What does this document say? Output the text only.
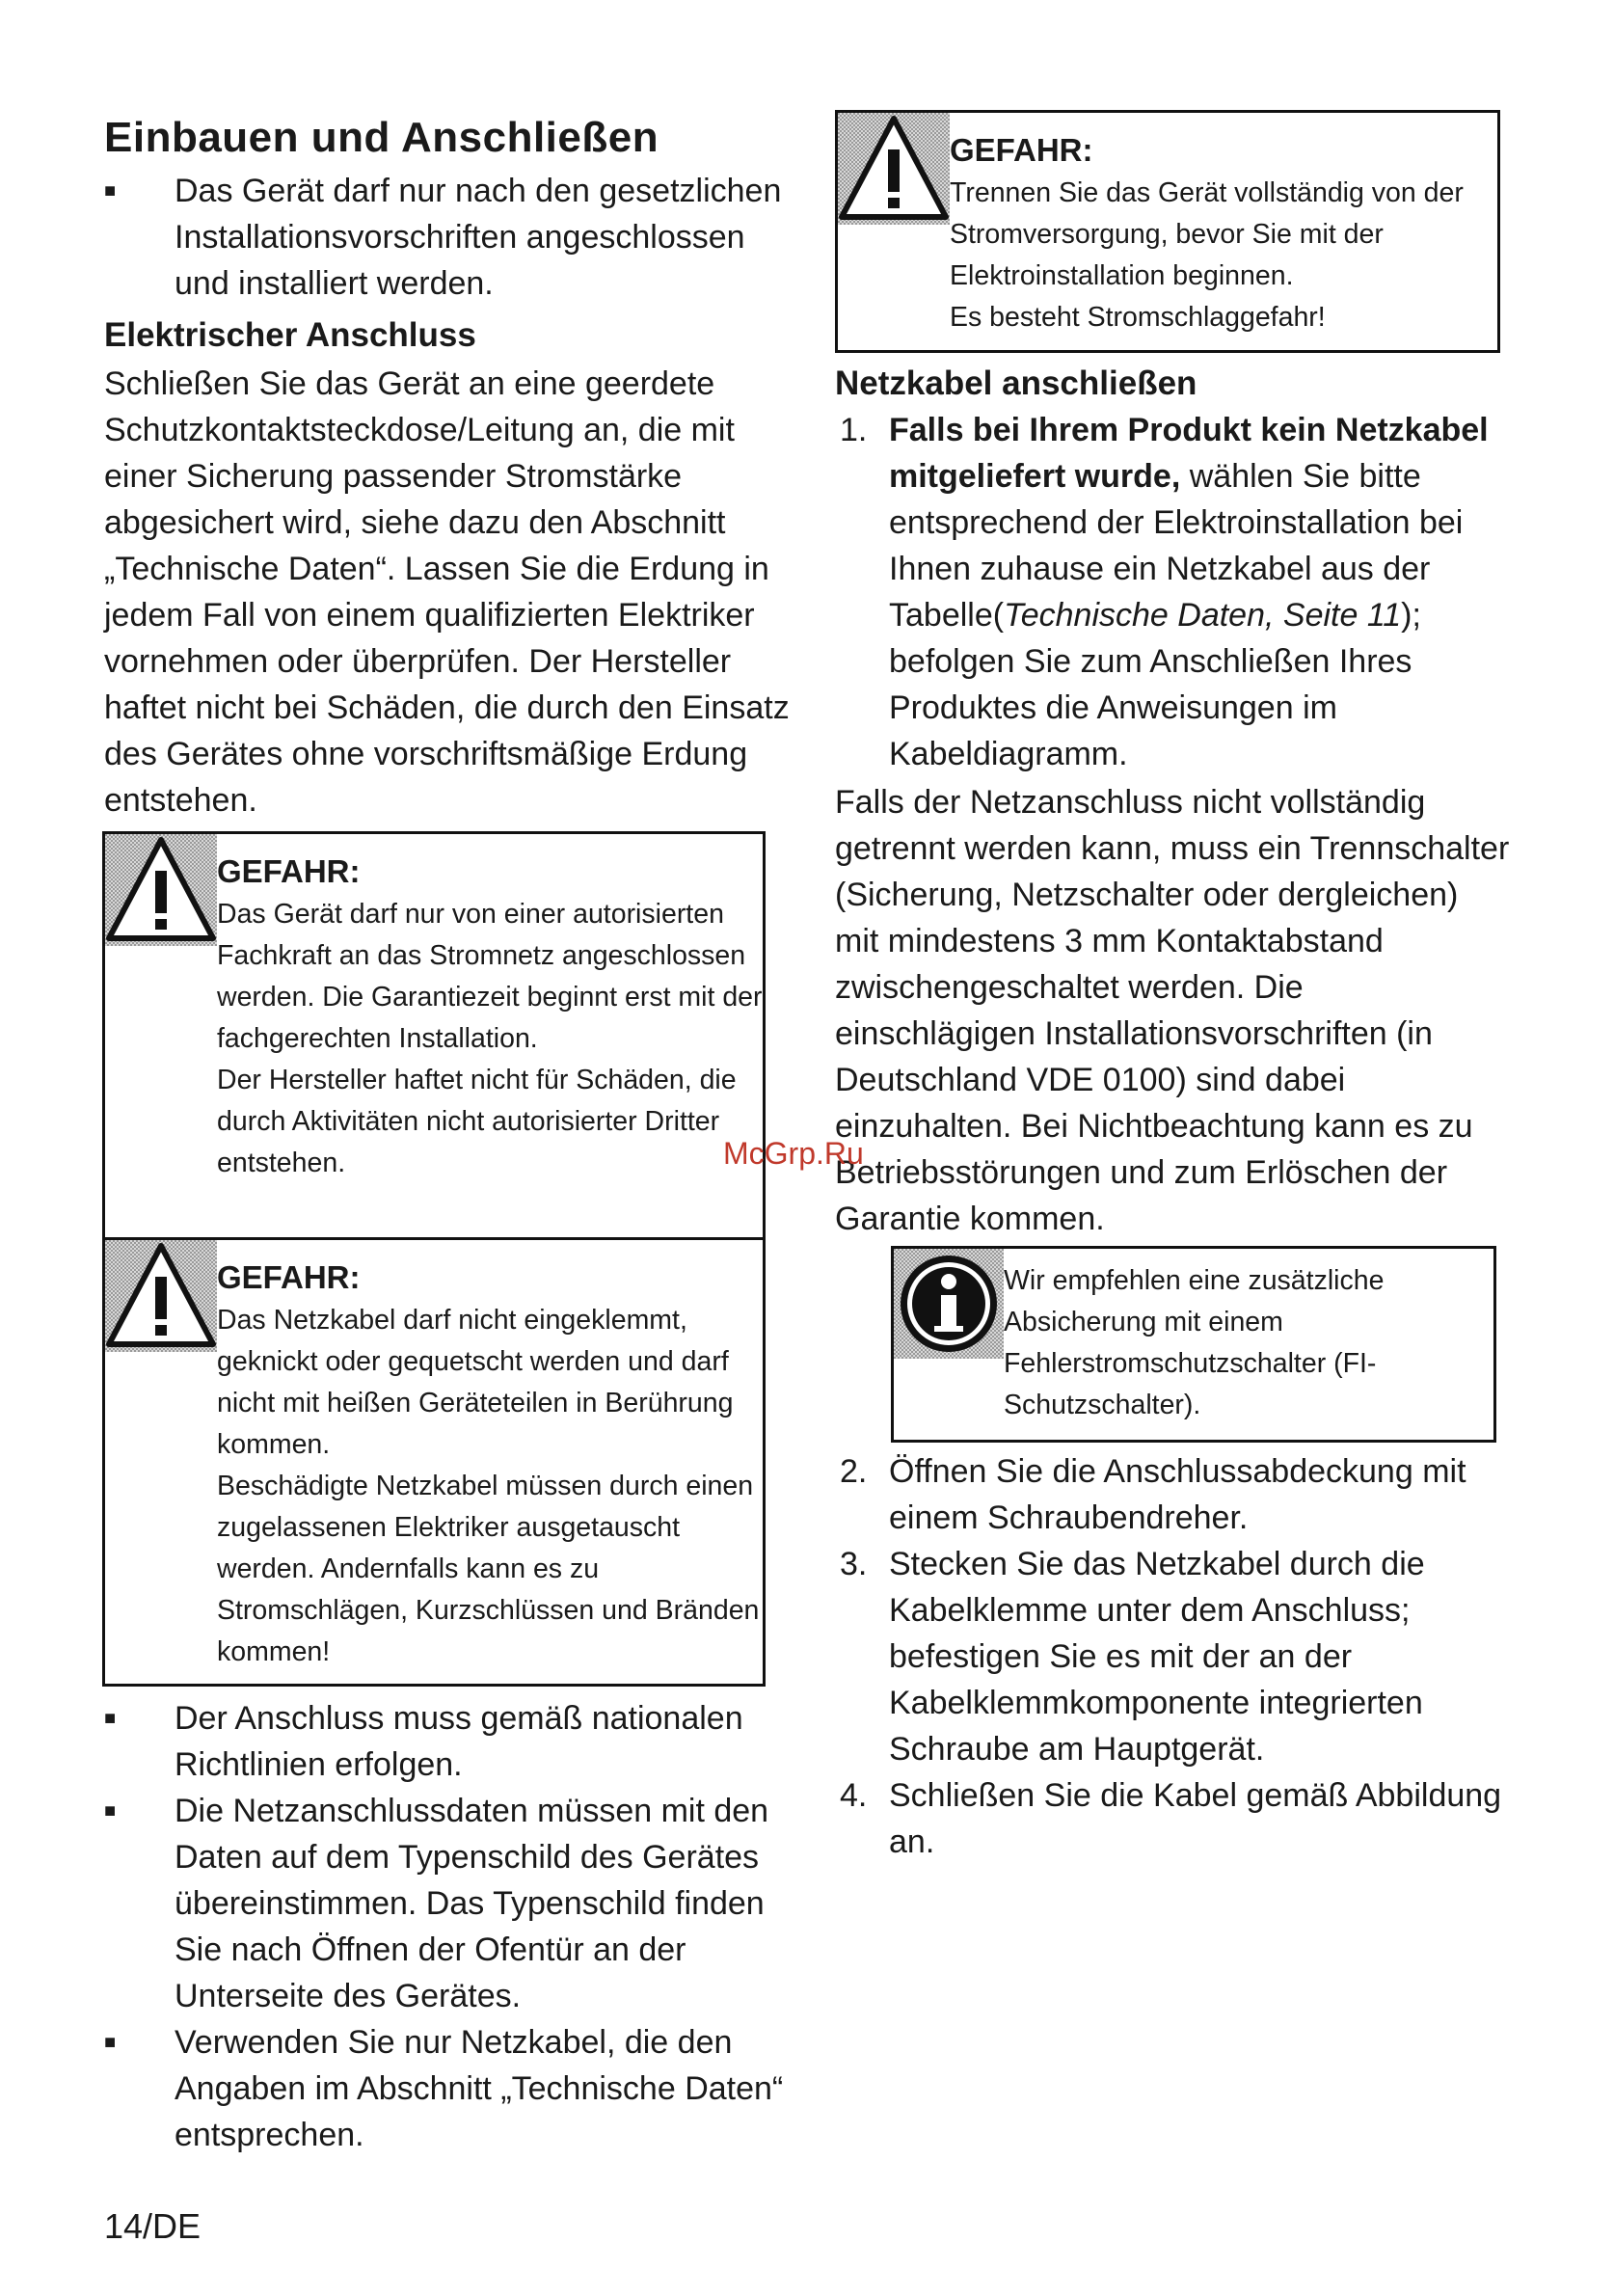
Einbauen und Anschließen
■ Das Gerät darf nur nach den gesetzlichen Installationsvorschriften angeschlossen und installiert werden.
Elektrischer Anschluss
Schließen Sie das Gerät an eine geerdete Schutzkontaktsteckdose/Leitung an, die mit einer Sicherung passender Stromstärke abgesichert wird, siehe dazu den Abschnitt „Technische Daten“. Lassen Sie die Erdung in jedem Fall von einem qualifizierten Elektriker vornehmen oder überprüfen. Der Hersteller haftet nicht bei Schäden, die durch den Einsatz des Gerätes ohne vorschriftsmäßige Erdung entstehen.
GEFAHR:
Das Gerät darf nur von einer autorisierten Fachkraft an das Stromnetz angeschlossen werden. Die Garantiezeit beginnt erst mit der fachgerechten Installation.
Der Hersteller haftet nicht für Schäden, die durch Aktivitäten nicht autorisierter Dritter entstehen.
GEFAHR:
Das Netzkabel darf nicht eingeklemmt, geknickt oder gequetscht werden und darf nicht mit heißen Geräteteilen in Berührung kommen.
Beschädigte Netzkabel müssen durch einen zugelassenen Elektriker ausgetauscht werden. Andernfalls kann es zu Stromschlägen, Kurzschlüssen und Bränden kommen!
■ Der Anschluss muss gemäß nationalen Richtlinien erfolgen.
■ Die Netzanschlussdaten müssen mit den Daten auf dem Typenschild des Gerätes übereinstimmen. Das Typenschild finden Sie nach Öffnen der Ofentür an der Unterseite des Gerätes.
■ Verwenden Sie nur Netzkabel, die den Angaben im Abschnitt „Technische Daten“ entsprechen.
GEFAHR:
Trennen Sie das Gerät vollständig von der Stromversorgung, bevor Sie mit der Elektroinstallation beginnen.
Es besteht Stromschlaggefahr!
Netzkabel anschließen
1. Falls bei Ihrem Produkt kein Netzkabel mitgeliefert wurde, wählen Sie bitte entsprechend der Elektroinstallation bei Ihnen zuhause ein Netzkabel aus der Tabelle(Technische Daten, Seite 11); befolgen Sie zum Anschließen Ihres Produktes die Anweisungen im Kabeldiagramm.
Falls der Netzanschluss nicht vollständig getrennt werden kann, muss ein Trennschalter (Sicherung, Netzschalter oder dergleichen) mit mindestens 3 mm Kontaktabstand zwischengeschaltet werden. Die einschlägigen Installationsvorschriften (in Deutschland VDE 0100) sind dabei einzuhalten. Bei Nichtbeachtung kann es zu Betriebsstörungen und zum Erlöschen der Garantie kommen.
Wir empfehlen eine zusätzliche Absicherung mit einem Fehlerstromschutzschalter (FI-Schutzschalter).
2. Öffnen Sie die Anschlussabdeckung mit einem Schraubendreher.
3. Stecken Sie das Netzkabel durch die Kabelklemme unter dem Anschluss; befestigen Sie es mit der an der Kabelklemmkomponente integrierten Schraube am Hauptgerät.
4. Schließen Sie die Kabel gemäß Abbildung an.
McGrp.Ru
14/DE
